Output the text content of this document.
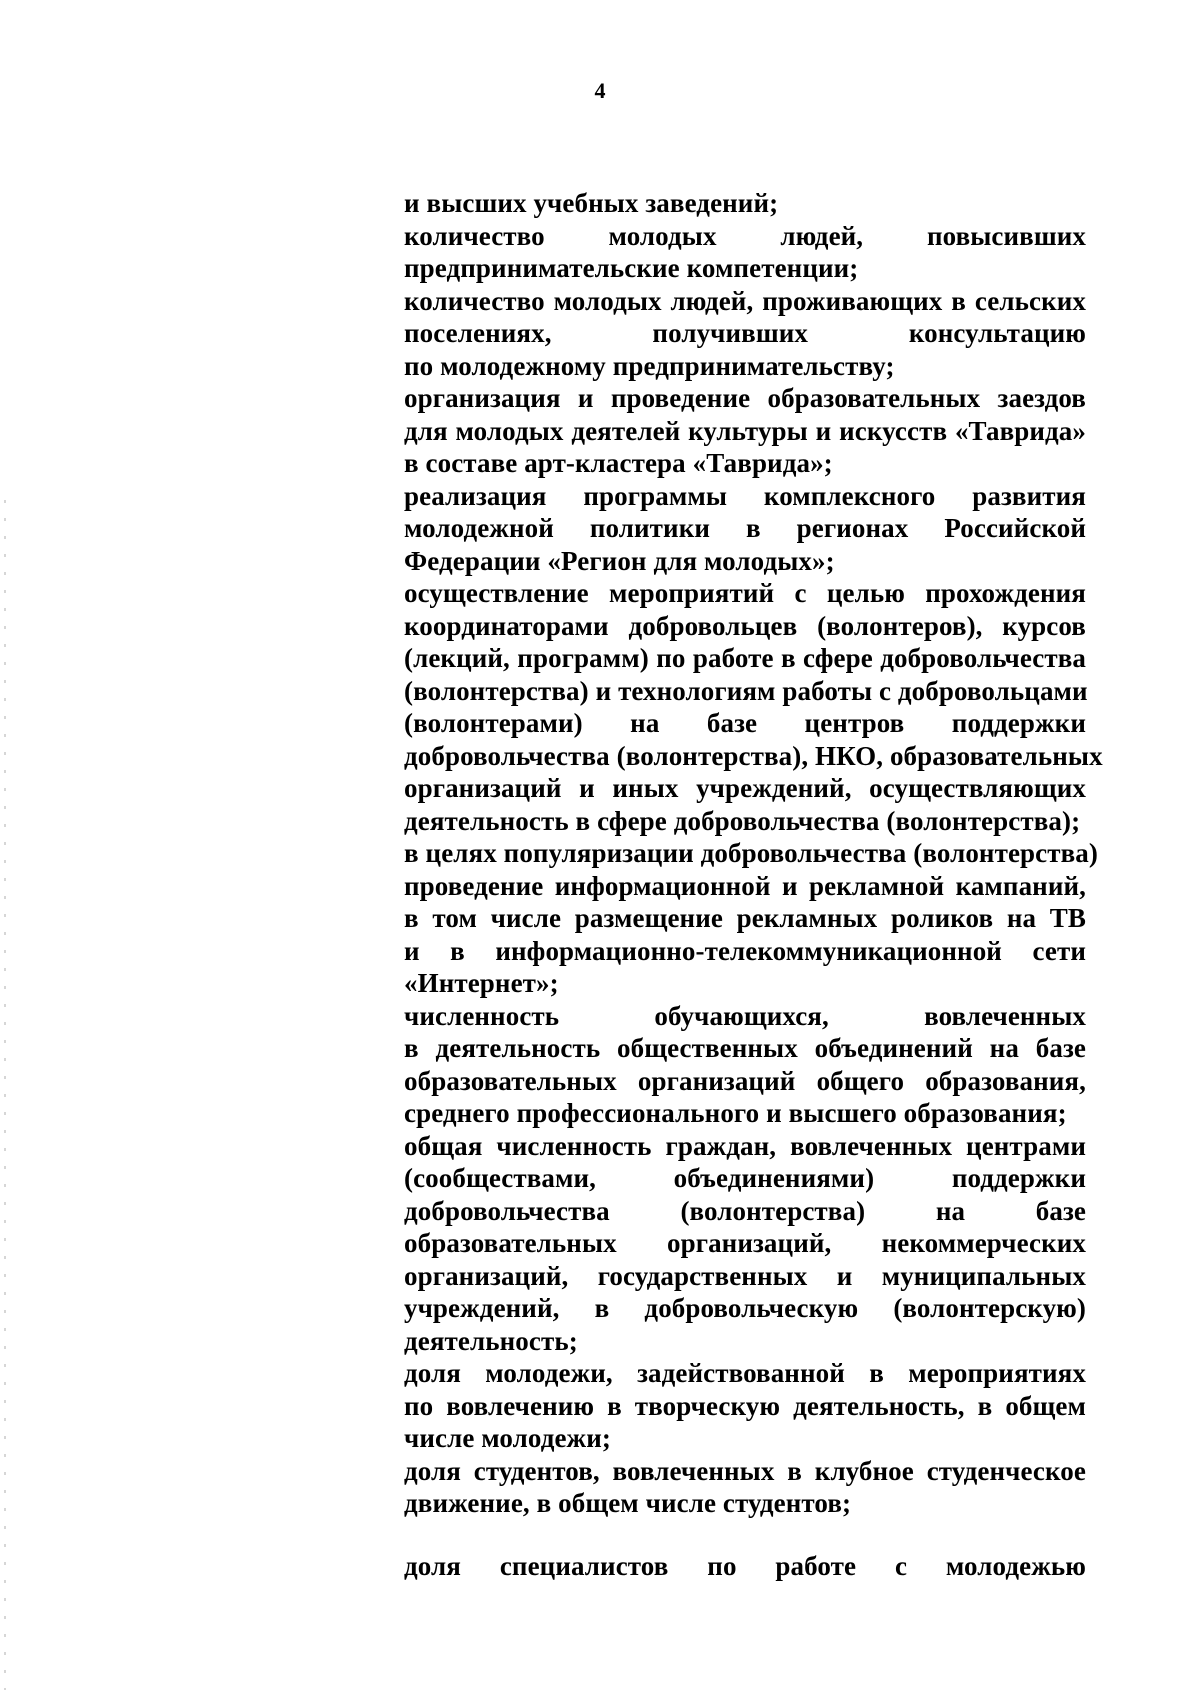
4
и высших учебных заведений;
количество молодых людей, повысивших
предпринимательские компетенции;
количество молодых людей, проживающих в сельских
поселениях, получивших консультацию
по молодежному предпринимательству;
организация и проведение образовательных заездов
для молодых деятелей культуры и искусств «Таврида»
в составе арт-кластера «Таврида»;
реализация программы комплексного развития
молодежной политики в регионах Российской
Федерации «Регион для молодых»;
осуществление мероприятий с целью прохождения
координаторами добровольцев (волонтеров), курсов
(лекций, программ) по работе в сфере добровольчества
(волонтерства) и технологиям работы с добровольцами
(волонтерами) на базе центров поддержки
добровольчества (волонтерства), НКО, образовательных
организаций и иных учреждений, осуществляющих
деятельность в сфере добровольчества (волонтерства);
в целях популяризации добровольчества (волонтерства)
проведение информационной и рекламной кампаний,
в том числе размещение рекламных роликов на ТВ
и в информационно-телекоммуникационной сети
«Интернет»;
численность обучающихся, вовлеченных
в деятельность общественных объединений на базе
образовательных организаций общего образования,
среднего профессионального и высшего образования;
общая численность граждан, вовлеченных центрами
(сообществами, объединениями) поддержки
добровольчества (волонтерства) на базе
образовательных организаций, некоммерческих
организаций, государственных и муниципальных
учреждений, в добровольческую (волонтерскую)
деятельность;
доля молодежи, задействованной в мероприятиях
по вовлечению в творческую деятельность, в общем
числе молодежи;
доля студентов, вовлеченных в клубное студенческое
движение, в общем числе студентов;
доля специалистов по работе с молодежью
